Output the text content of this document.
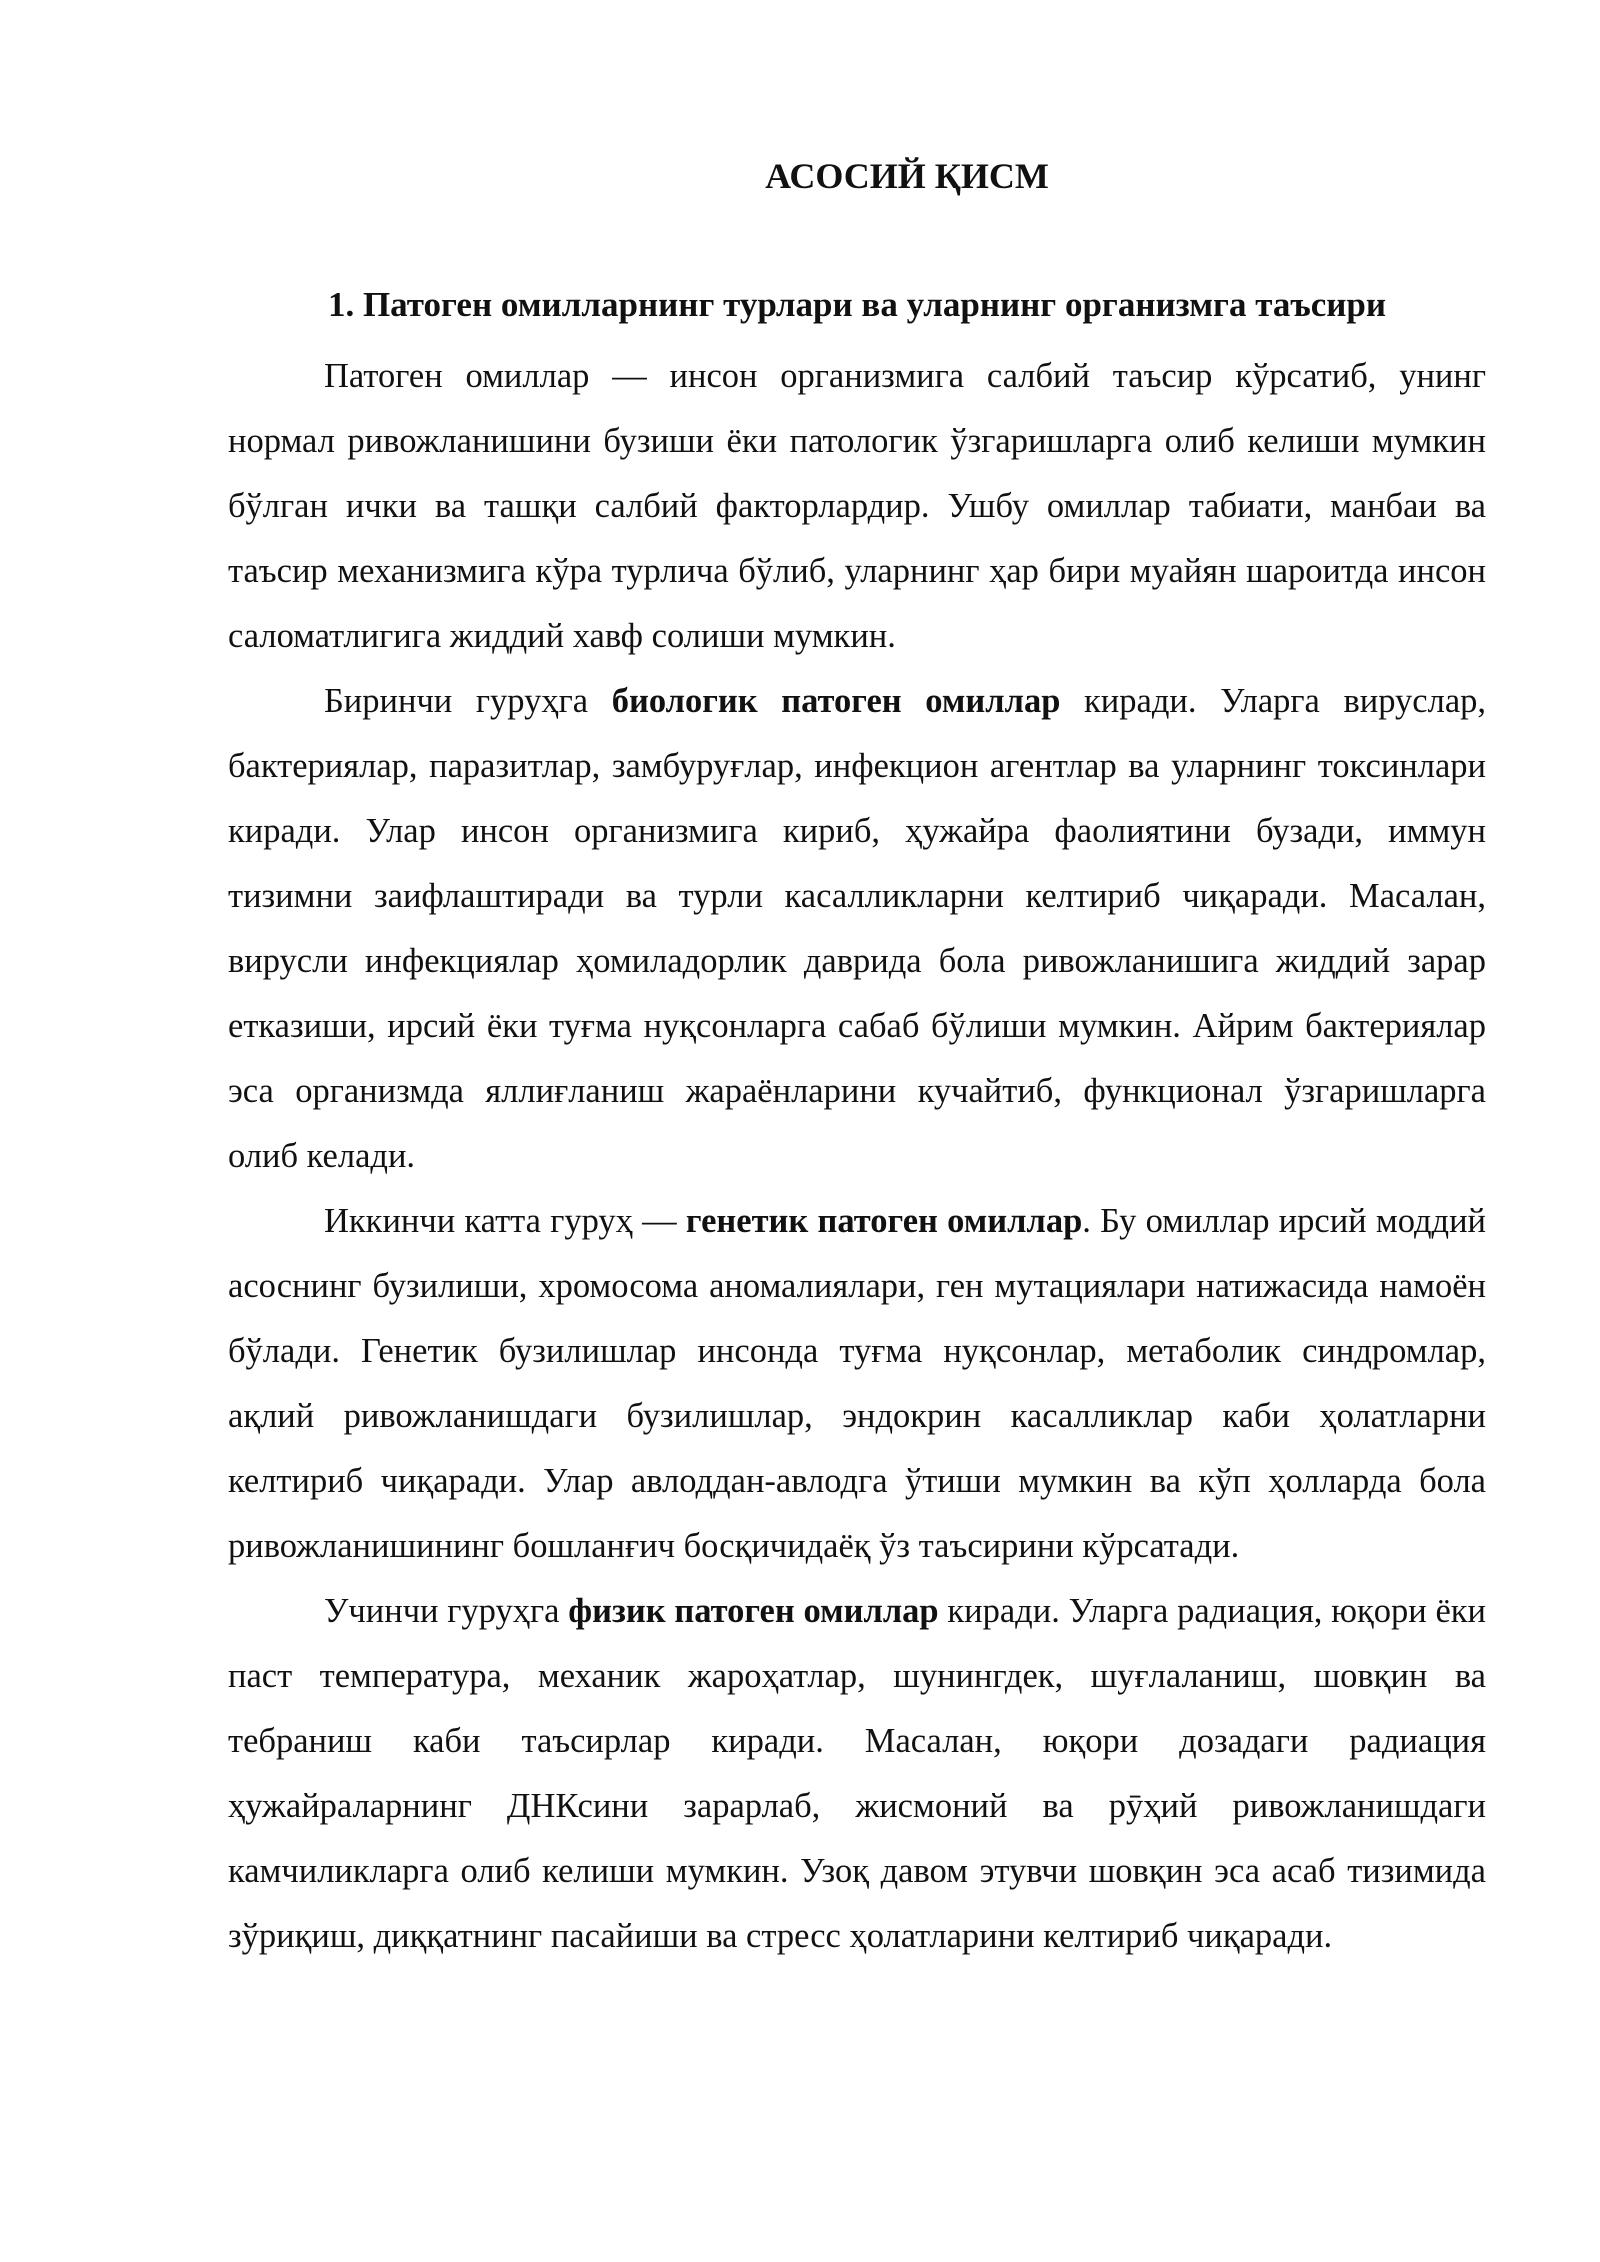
АСОСИЙ ҚИСМ
1. Патоген омилларнинг турлари ва уларнинг организмга таъсири

Патоген омиллар — инсон организмига салбий таъсир кўрсатиб, унинг нормал ривожланишини бузиши ёки патологик ўзгаришларга олиб келиши мумкин бўлган ички ва ташқи салбий факторлардир. Ушбу омиллар табиати, манбаи ва таъсир механизмига кўра турлича бўлиб, уларнинг ҳар бири муайян шароитда инсон саломатлигига жиддий хавф солиши мумкин.

Биринчи гуруҳга биологик патоген омиллар киради. Уларга вируслар, бактериялар, паразитлар, замбуруғлар, инфекцион агентлар ва уларнинг токсинлари киради. Улар инсон организмига кириб, ҳужайра фаолиятини бузади, иммун тизимни заифлаштиради ва турли касалликларни келтириб чиқаради. Масалан, вирусли инфекциялар ҳомиладорлик даврида бола ривожланишига жиддий зарар етказиши, ирсий ёки туғма нуқсонларга сабаб бўлиши мумкин. Айрим бактериялар эса организмда яллиғланиш жараёнларини кучайтиб, функционал ўзгаришларга олиб келади.

Иккинчи катта гуруҳ — генетик патоген омиллар. Бу омиллар ирсий моддий асоснинг бузилиши, хромосома аномалиялари, ген мутациялари натижасида намоён бўлади. Генетик бузилишлар инсонда туғма нуқсонлар, метаболик синдромлар, ақлий ривожланишдаги бузилишлар, эндокрин касалликлар каби ҳолатларни келтириб чиқаради. Улар авлоддан-авлодга ўтиши мумкин ва кўп ҳолларда бола ривожланишининг бошланғич босқичидаёқ ўз таъсирини кўрсатади.

Учинчи гуруҳга физик патоген омиллар киради. Уларга радиация, юқори ёки паст температура, механик жароҳатлар, шунингдек, шуғлаланиш, шовқин ва тебраниш каби таъсирлар киради. Масалан, юқори дозадаги радиация ҳужайраларнинг ДНКсини зарарлаб, жисмоний ва рӯҳий ривожланишдаги камчиликларга олиб келиши мумкин. Узоқ давом этувчи шовқин эса асаб тизимида зўриқиш, диққатнинг пасайиши ва стресс ҳолатларини келтириб чиқаради.
